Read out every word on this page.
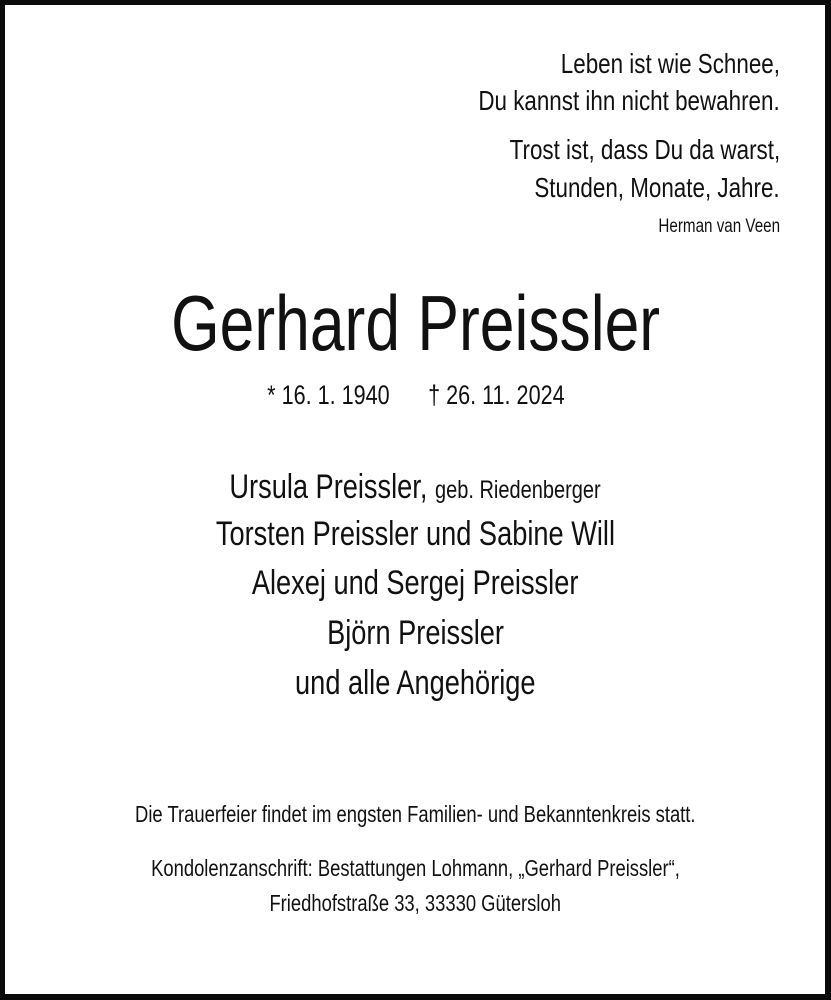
Leben ist wie Schnee,
Du kannst ihn nicht bewahren.
Trost ist, dass Du da warst,
Stunden, Monate, Jahre.
Herman van Veen
Gerhard Preissler
* 16. 1. 1940 † 26. 11. 2024
Ursula Preissler, geb. Riedenberger
Torsten Preissler und Sabine Will
Alexej und Sergej Preissler
Björn Preissler
und alle Angehörige
Die Trauerfeier findet im engsten Familien- und Bekanntenkreis statt.
Kondolenzanschrift: Bestattungen Lohmann, „Gerhard Preissler“,
Friedhofstraße 33, 33330 Gütersloh
